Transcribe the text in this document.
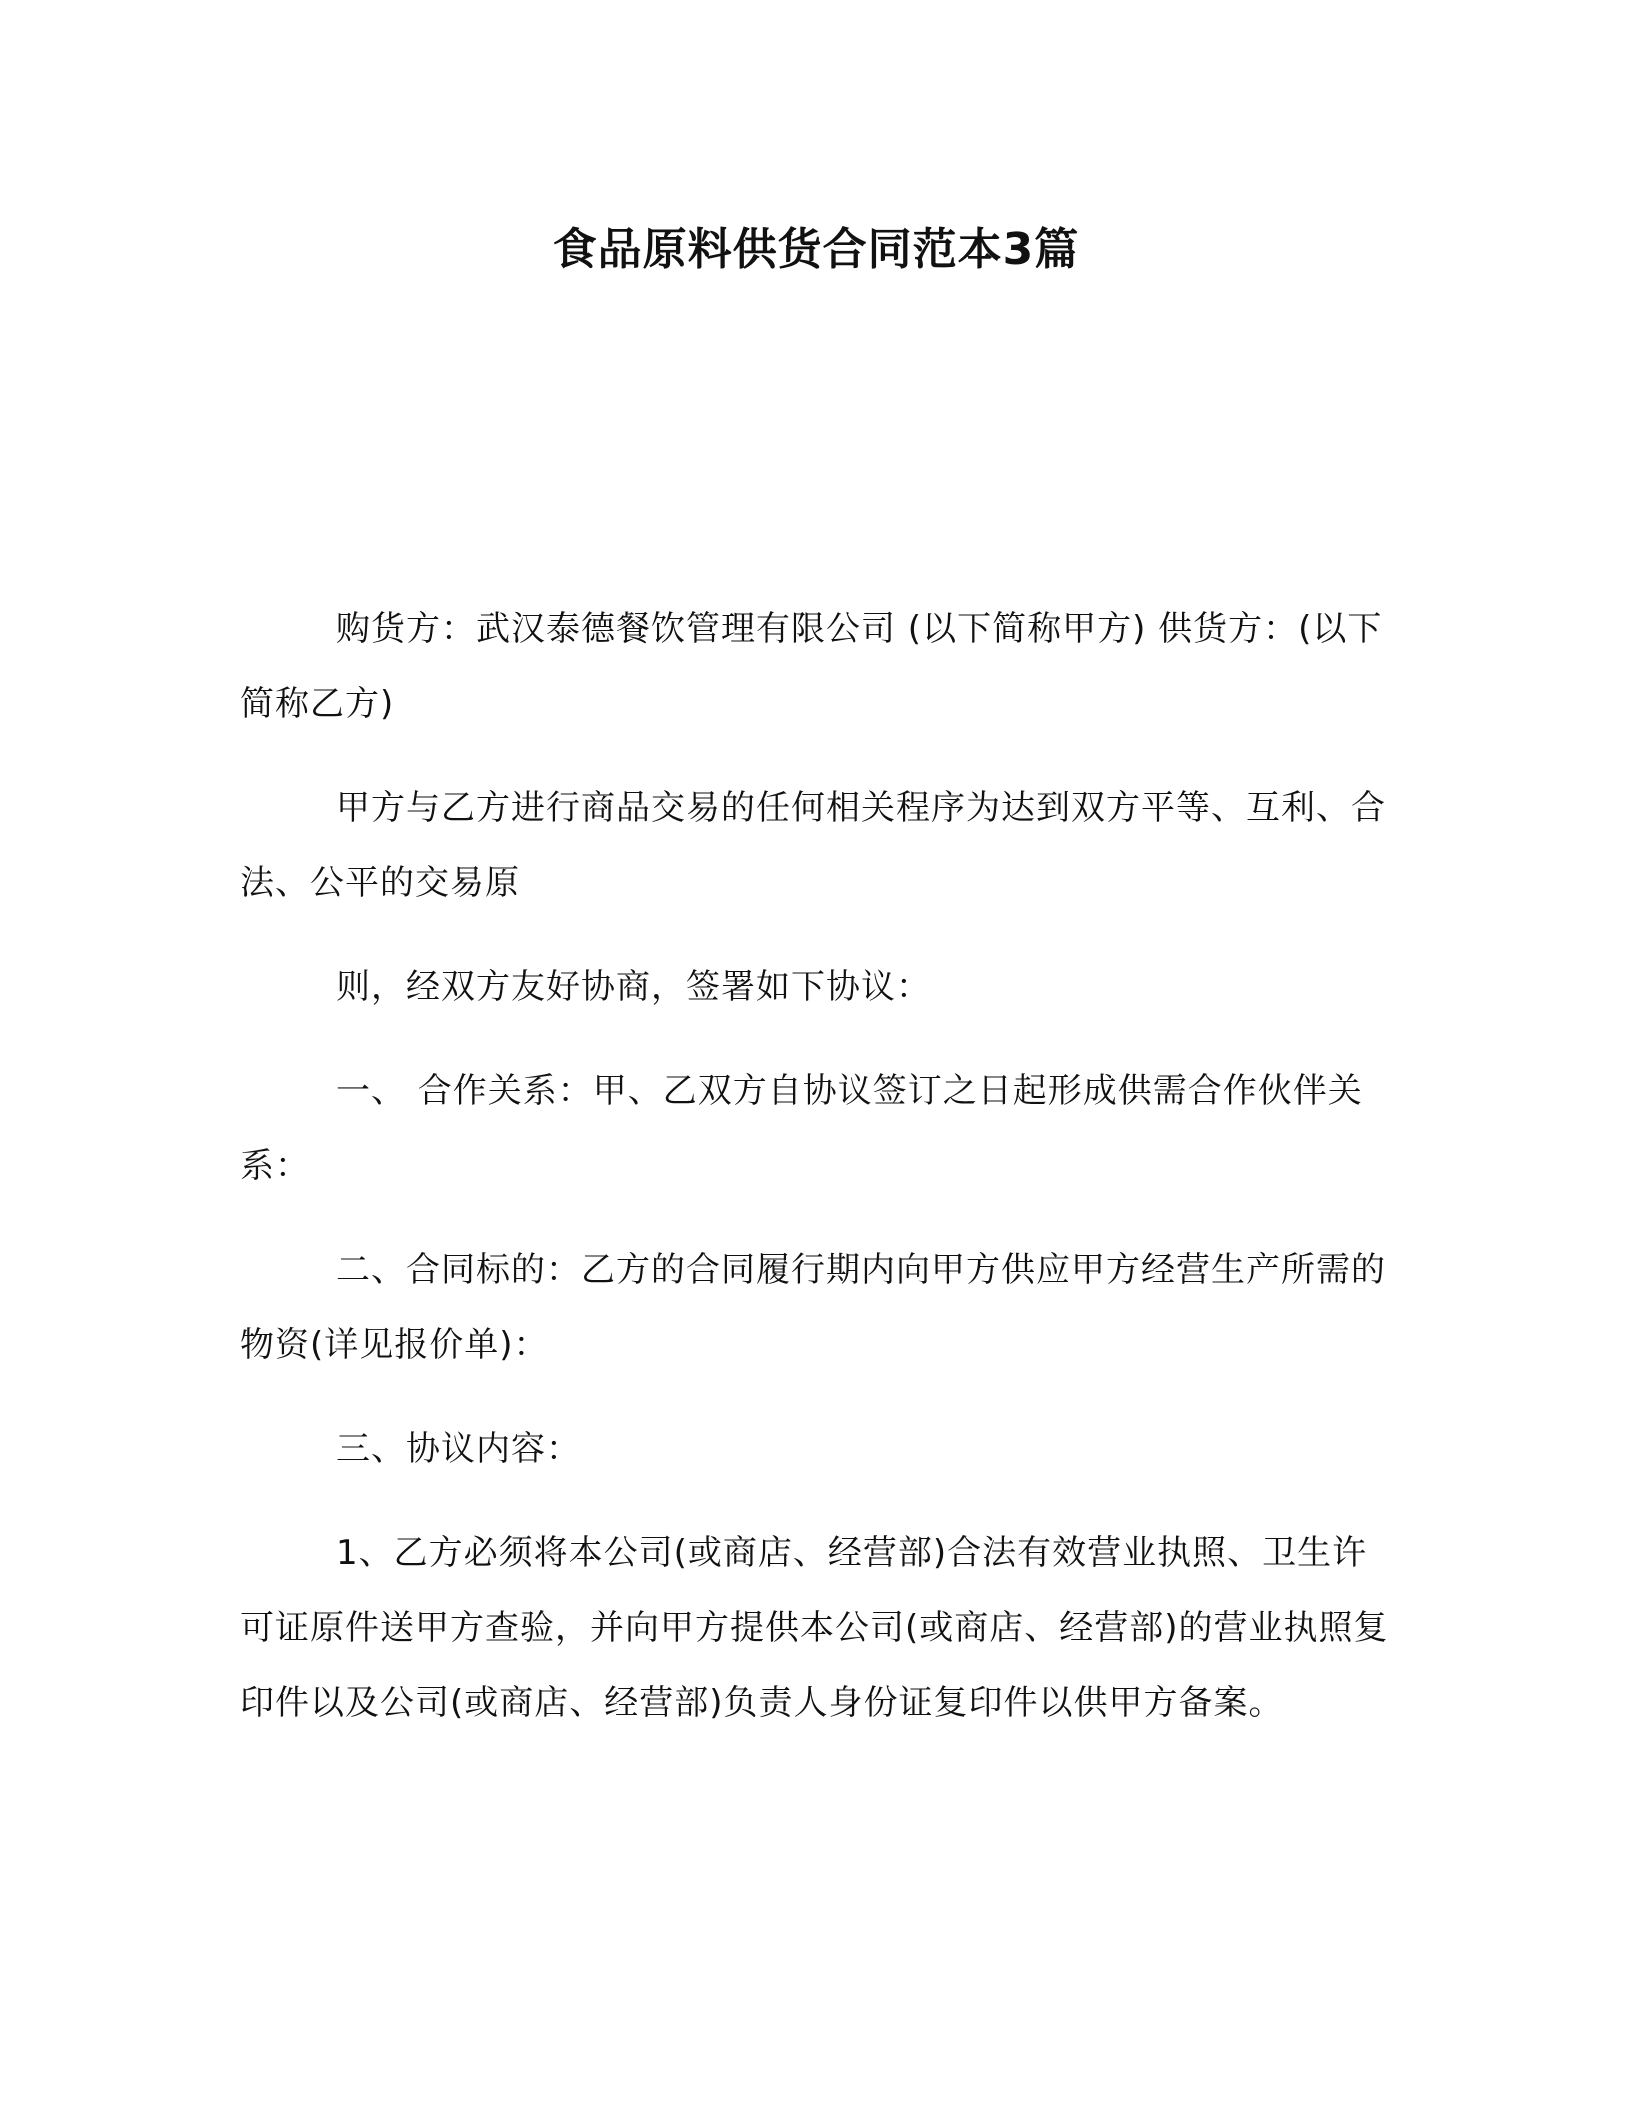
食品原料供货合同范本3篇

购货方：武汉泰德餐饮管理有限公司 (以下简称甲方) 供货方：(以下简称乙方)

甲方与乙方进行商品交易的任何相关程序为达到双方平等、互利、合法、公平的交易原

则，经双方友好协商，签署如下协议：

一、 合作关系：甲、乙双方自协议签订之日起形成供需合作伙伴关系：

二、合同标的：乙方的合同履行期内向甲方供应甲方经营生产所需的物资(详见报价单)：

三、协议内容：

1、乙方必须将本公司(或商店、经营部)合法有效营业执照、卫生许可证原件送甲方查验，并向甲方提供本公司(或商店、经营部)的营业执照复印件以及公司(或商店、经营部)负责人身份证复印件以供甲方备案。
